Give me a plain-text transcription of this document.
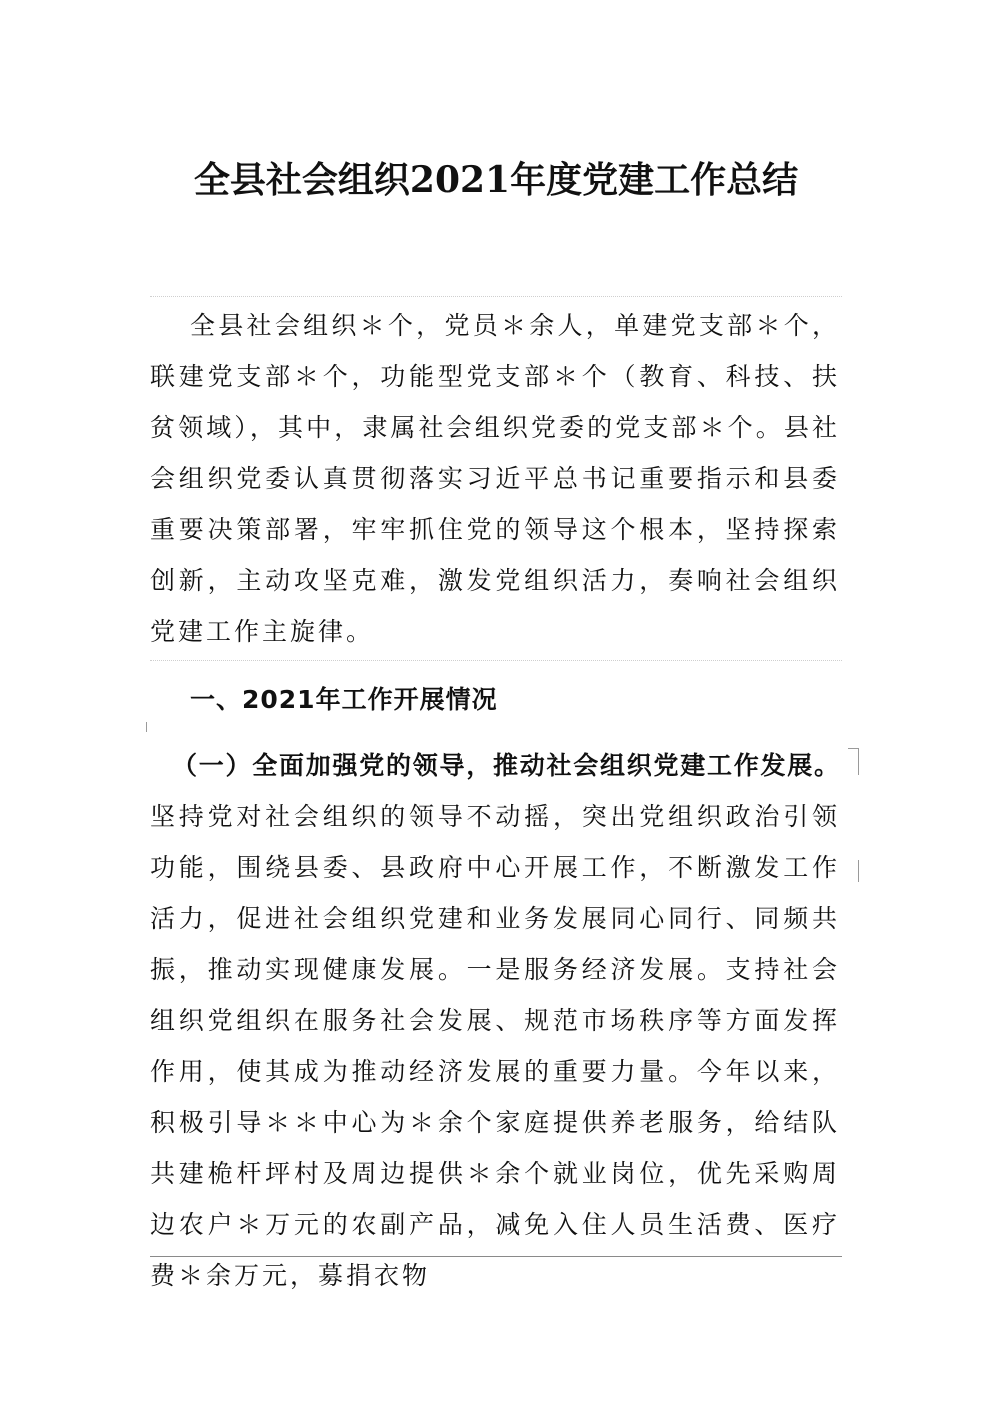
全县社会组织2021年度党建工作总结

全县社会组织＊个，党员＊余人，单建党支部＊个，联建党支部＊个，功能型党支部＊个（教育、科技、扶贫领域），其中，隶属社会组织党委的党支部＊个。县社会组织党委认真贯彻落实习近平总书记重要指示和县委重要决策部署，牢牢抓住党的领导这个根本，坚持探索创新，主动攻坚克难，激发党组织活力，奏响社会组织党建工作主旋律。

一、2021年工作开展情况

（一）全面加强党的领导，推动社会组织党建工作发展。坚持党对社会组织的领导不动摇，突出党组织政治引领功能，围绕县委、县政府中心开展工作，不断激发工作活力，促进社会组织党建和业务发展同心同行、同频共振，推动实现健康发展。一是服务经济发展。支持社会组织党组织在服务社会发展、规范市场秩序等方面发挥作用，使其成为推动经济发展的重要力量。今年以来，积极引导＊＊中心为＊余个家庭提供养老服务，给结队共建桅杆坪村及周边提供＊余个就业岗位，优先采购周边农户＊万元的农副产品，减免入住人员生活费、医疗费＊余万元，募捐衣物
